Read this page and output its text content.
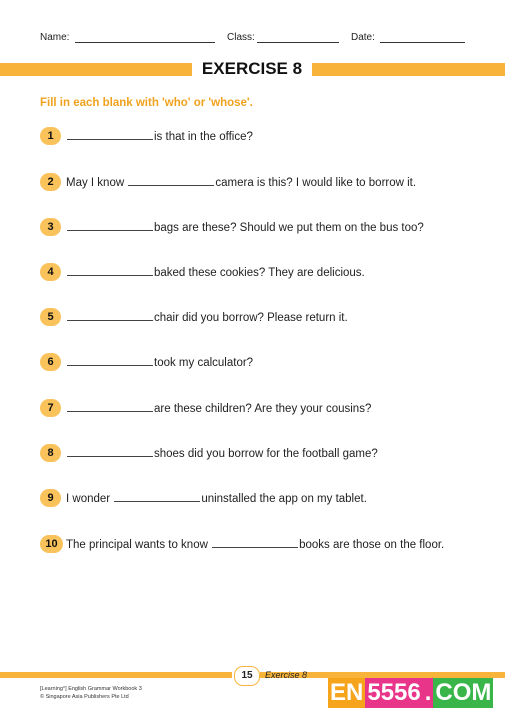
Name:	Class:	Date:
EXERCISE 8
Fill in each blank with 'who' or 'whose'.
1	is that in the office?
2	May I know	camera is this? I would like to borrow it.
3	bags are these? Should we put them on the bus too?
4	baked these cookies? They are delicious.
5	chair did you borrow? Please return it.
6	took my calculator?
7	are these children? Are they your cousins?
8	shoes did you borrow for the football game?
9	I wonder	uninstalled the app on my tablet.
10 The principal wants to know	books are those on the floor.
15	Exercise 8
[Learning°] English Grammar Workbook 3
© Singapore Asia Publishers Pte Ltd	EN 5556 . COM
